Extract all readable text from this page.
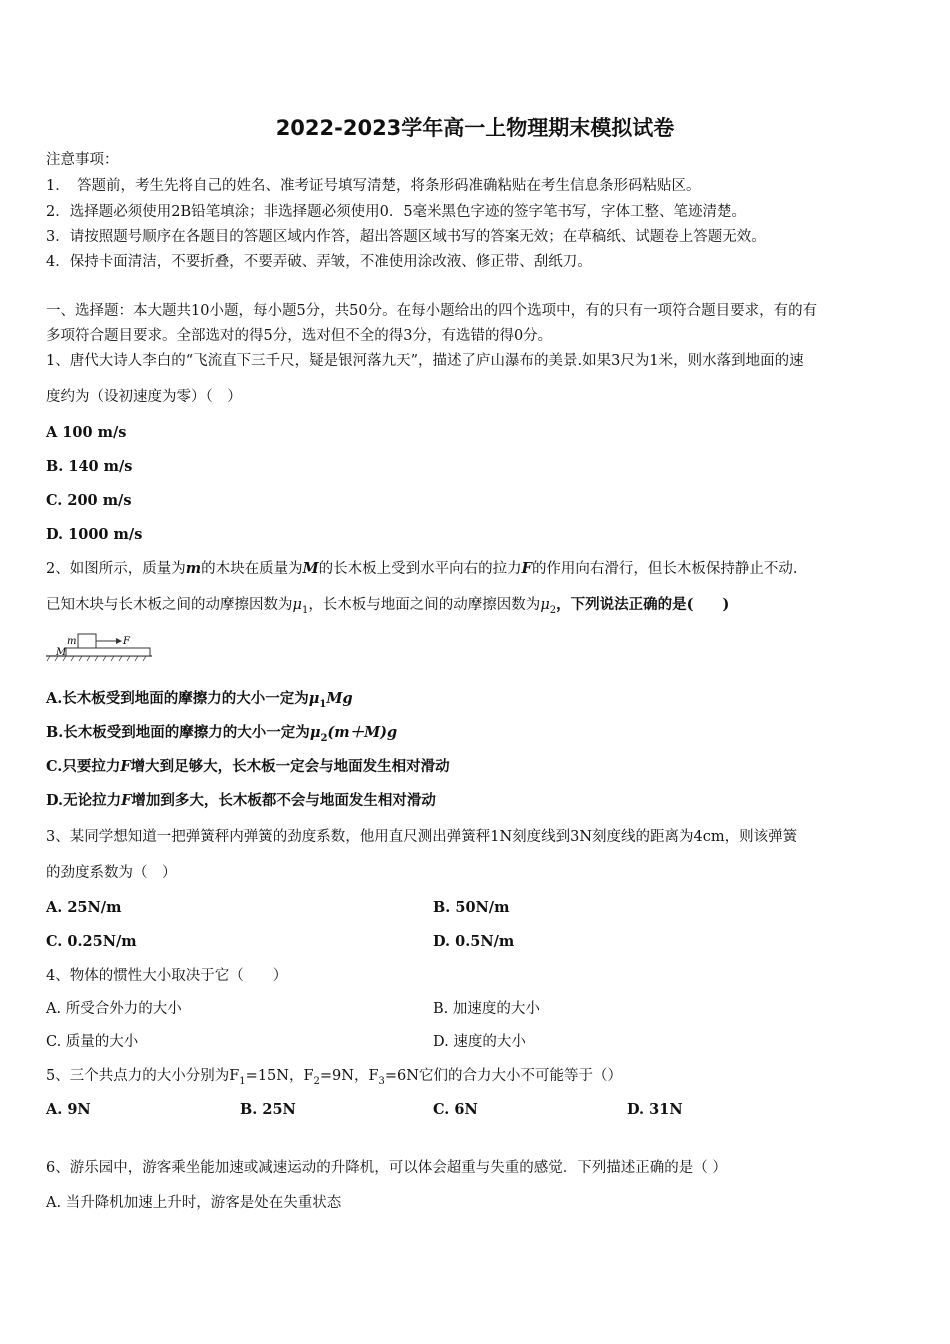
2022-2023学年高一上物理期末模拟试卷
注意事项：
1．　答题前，考生先将自己的姓名、准考证号填写清楚，将条形码准确粘贴在考生信息条形码粘贴区。
2．选择题必须使用2B铅笔填涂；非选择题必须使用0．5毫米黑色字迹的签字笔书写，字体工整、笔迹清楚。
3．请按照题号顺序在各题目的答题区域内作答，超出答题区域书写的答案无效；在草稿纸、试题卷上答题无效。
4．保持卡面清洁，不要折叠，不要弄破、弄皱，不准使用涂改液、修正带、刮纸刀。
一、选择题：本大题共10小题，每小题5分，共50分。在每小题给出的四个选项中，有的只有一项符合题目要求，有的有
多项符合题目要求。全部选对的得5分，选对但不全的得3分，有选错的得0分。
1、唐代大诗人李白的“飞流直下三千尺，疑是银河落九天”，描述了庐山瀑布的美景.如果3尺为1米，则水落到地面的速
度约为（设初速度为零）（　）
A 100 m/s
B. 140 m/s
C. 200 m/s
D. 1000 m/s
2、如图所示，质量为m的木块在质量为M的长木板上受到水平向右的拉力F的作用向右滑行，但长木板保持静止不动.
已知木块与长木板之间的动摩擦因数为$\mu_1$，长木板与地面之间的动摩擦因数为$\mu_2$，下列说法正确的是(　　)
m	F
M
A.长木板受到地面的摩擦力的大小一定为$\mu_1Mg$
B.长木板受到地面的摩擦力的大小一定为$\mu_2(m+M)g$
C.只要拉力F增大到足够大，长木板一定会与地面发生相对滑动
D.无论拉力F增加到多大，长木板都不会与地面发生相对滑动
3、某同学想知道一把弹簧秤内弹簧的劲度系数，他用直尺测出弹簧秤1N刻度线到3N刻度线的距离为4cm，则该弹簧
的劲度系数为（　）
A. 25N/m	B. 50N/m
C. 0.25N/m	D. 0.5N/m
4、物体的惯性大小取决于它（　　）
A. 所受合外力的大小	B. 加速度的大小
C. 质量的大小	D. 速度的大小
5、三个共点力的大小分别为$F_1=15N$，$F_2=9N$，$F_3=6N$它们的合力大小不可能等于（）
A. 9N	B. 25N	C. 6N	D. 31N
6、游乐园中，游客乘坐能加速或减速运动的升降机，可以体会超重与失重的感觉．下列描述正确的是（ ）
A. 当升降机加速上升时，游客是处在失重状态
